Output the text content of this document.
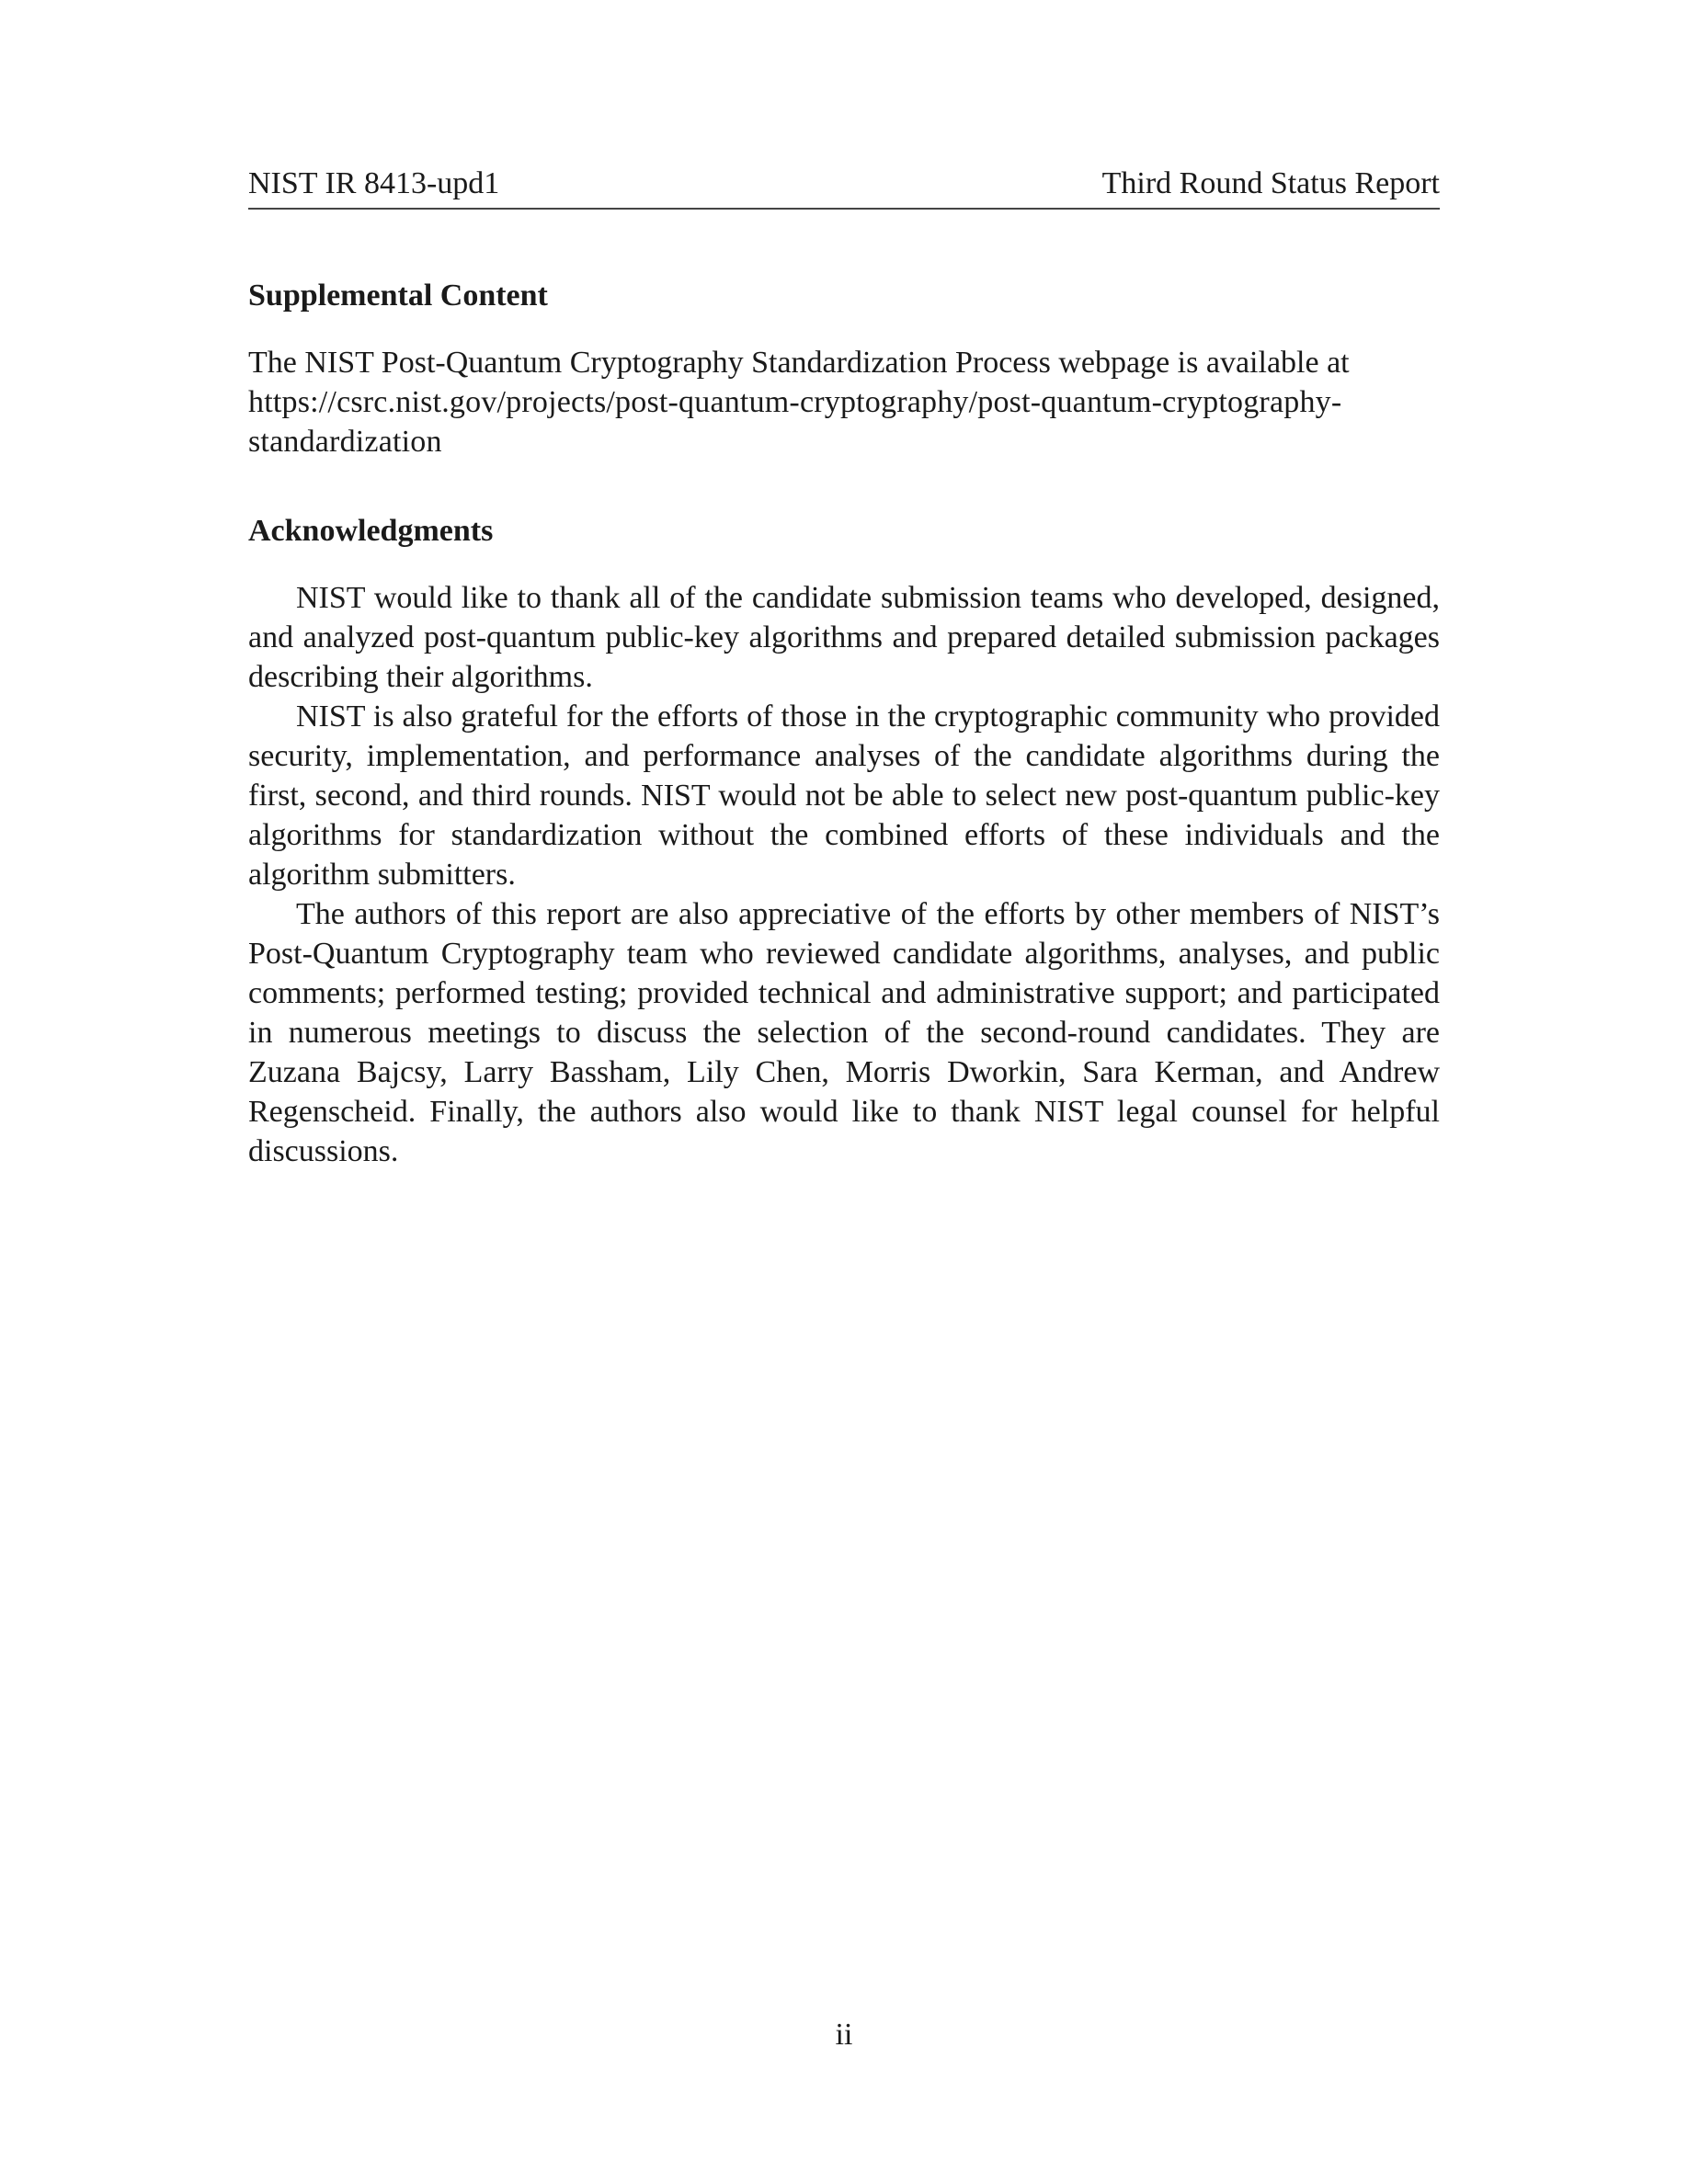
NIST IR 8413-upd1	Third Round Status Report
Supplemental Content

The NIST Post-Quantum Cryptography Standardization Process webpage is available at
https://csrc.nist.gov/projects/post-quantum-cryptography/post-quantum-cryptography-
standardization

Acknowledgments

NIST would like to thank all of the candidate submission teams who developed, designed, and analyzed post-quantum public-key algorithms and prepared detailed submission packages describing their algorithms.

NIST is also grateful for the efforts of those in the cryptographic community who provided security, implementation, and performance analyses of the candidate algorithms during the first, second, and third rounds. NIST would not be able to select new post-quantum public-key algorithms for standardization without the combined efforts of these individuals and the algorithm submitters.

The authors of this report are also appreciative of the efforts by other members of NIST’s Post-Quantum Cryptography team who reviewed candidate algorithms, analyses, and public comments; performed testing; provided technical and administrative support; and participated in numerous meetings to discuss the selection of the second-round candidates. They are Zuzana Bajcsy, Larry Bassham, Lily Chen, Morris Dworkin, Sara Kerman, and Andrew Regenscheid. Finally, the authors also would like to thank NIST legal counsel for helpful discussions.

ii
